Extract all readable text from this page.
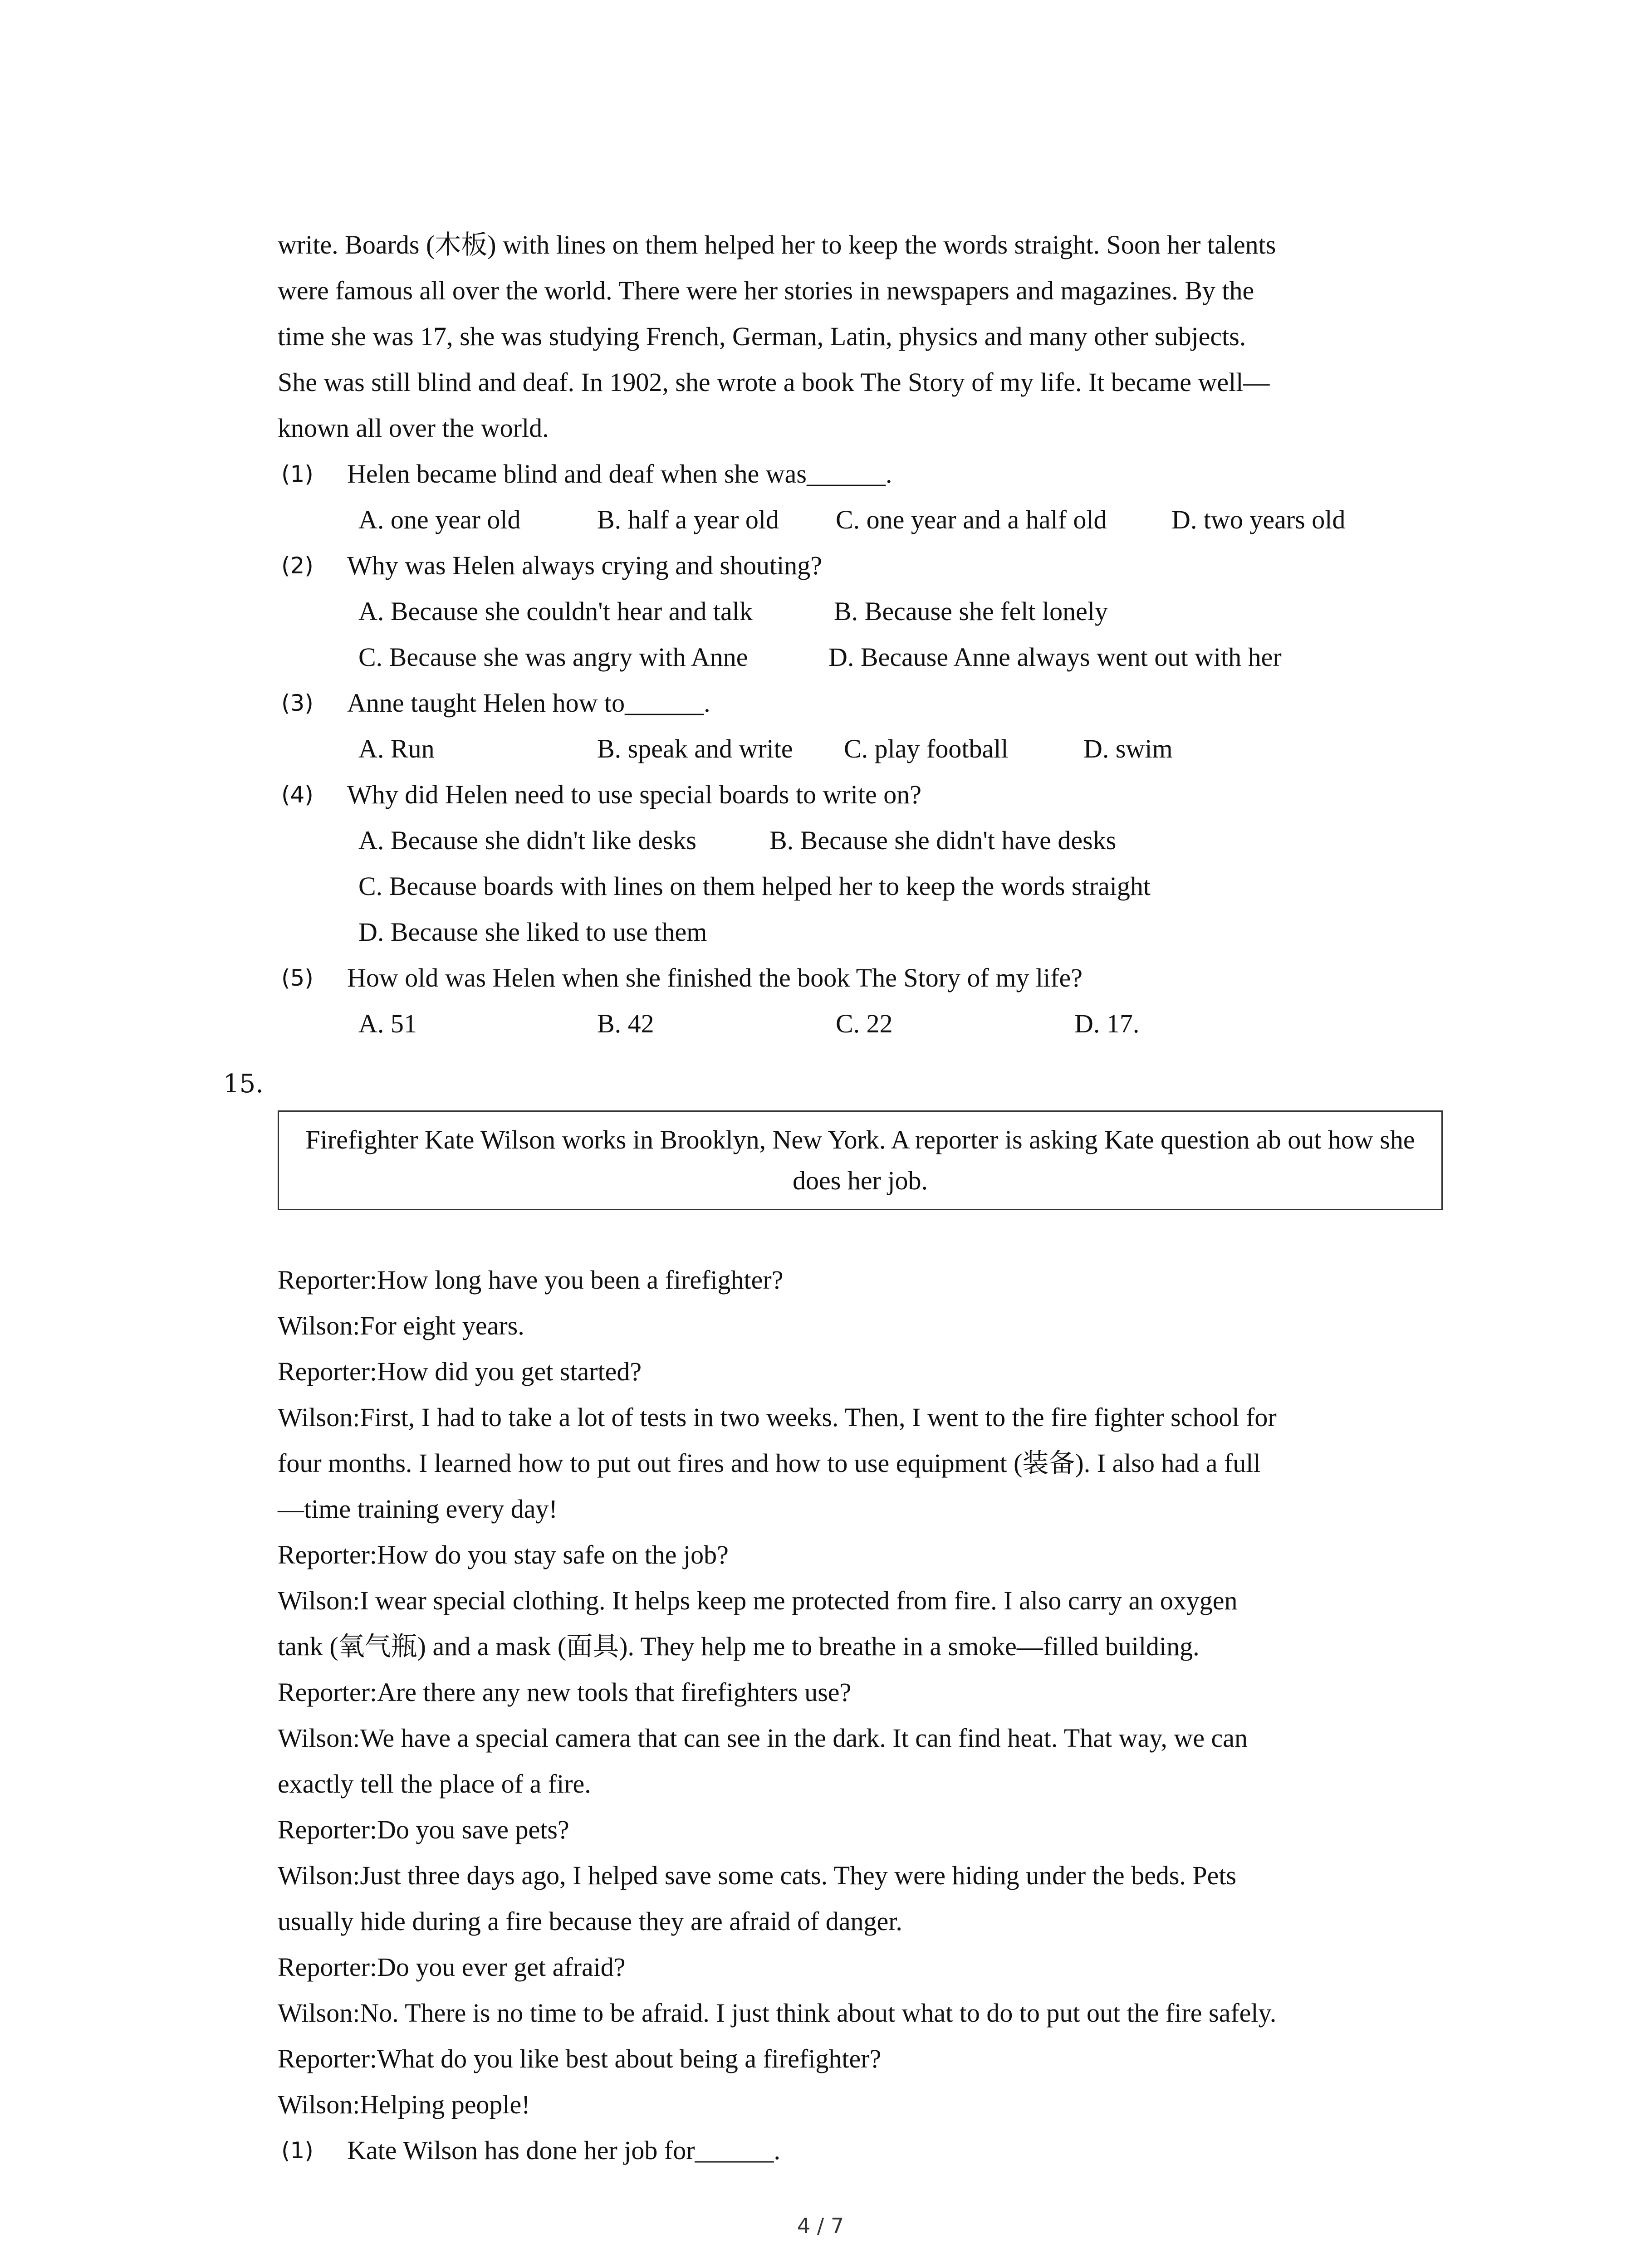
write. Boards (木板) with lines on them helped her to keep the words straight. Soon her talents
were famous all over the world. There were her stories in newspapers and magazines. By the
time she was 17, she was studying French, German, Latin, physics and many other subjects.
She was still blind and deaf. In 1902, she wrote a book The Story of my life. It became well—
known all over the world.
(1) Helen became blind and deaf when she was______.
A. one year old	B. half a year old C. one year and a half old D. two years old
(2) Why was Helen always crying and shouting?
A. Because she couldn't hear and talk	B. Because she felt lonely
C. Because she was angry with Anne	D. Because Anne always went out with her
(3) Anne taught Helen how to______.
A. Run	B. speak and write C. play football	D. swim
(4) Why did Helen need to use special boards to write on?
A. Because she didn't like desks	B. Because she didn't have desks
C. Because boards with lines on them helped her to keep the words straight
D. Because she liked to use them
(5) How old was Helen when she finished the book The Story of my life?
A. 51	B. 42	C. 22	D. 17.
15.
Firefighter Kate Wilson works in Brooklyn, New York. A reporter is asking Kate question ab out how she does her job.
Reporter:How long have you been a firefighter?
Wilson:For eight years.
Reporter:How did you get started?
Wilson:First, I had to take a lot of tests in two weeks. Then, I went to the fire fighter school for
four months. I learned how to put out fires and how to use equipment (装备). I also had a full
—time training every day!
Reporter:How do you stay safe on the job?
Wilson:I wear special clothing. It helps keep me protected from fire. I also carry an oxygen
tank (氧气瓶) and a mask (面具). They help me to breathe in a smoke—filled building.
Reporter:Are there any new tools that firefighters use?
Wilson:We have a special camera that can see in the dark. It can find heat. That way, we can
exactly tell the place of a fire.
Reporter:Do you save pets?
Wilson:Just three days ago, I helped save some cats. They were hiding under the beds. Pets
usually hide during a fire because they are afraid of danger.
Reporter:Do you ever get afraid?
Wilson:No. There is no time to be afraid. I just think about what to do to put out the fire safely.
Reporter:What do you like best about being a firefighter?
Wilson:Helping people!
(1) Kate Wilson has done her job for______.
4 / 7
